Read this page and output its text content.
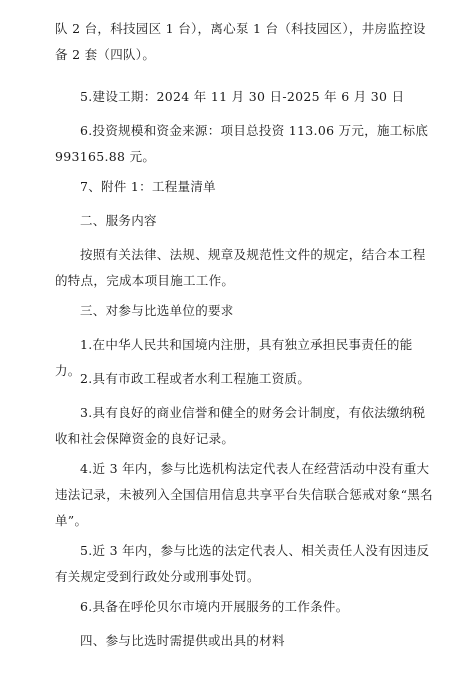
队 2 台，科技园区 1 台），离心泵 1 台（科技园区），井房监控设备 2 套（四队）。
5.建设工期：2024 年 11 月 30 日-2025 年 6 月 30 日
6.投资规模和资金来源：项目总投资 113.06 万元，施工标底 993165.88 元。
7、附件 1：工程量清单
二、服务内容
按照有关法律、法规、规章及规范性文件的规定，结合本工程的特点，完成本项目施工工作。
三、对参与比选单位的要求
1.在中华人民共和国境内注册，具有独立承担民事责任的能力。
2.具有市政工程或者水利工程施工资质。
3.具有良好的商业信誉和健全的财务会计制度，有依法缴纳税收和社会保障资金的良好记录。
4.近 3 年内，参与比选机构法定代表人在经营活动中没有重大违法记录，未被列入全国信用信息共享平台失信联合惩戒对象“黑名单”。
5.近 3 年内，参与比选的法定代表人、相关责任人没有因违反有关规定受到行政处分或刑事处罚。
6.具备在呼伦贝尔市境内开展服务的工作条件。
四、参与比选时需提供或出具的材料
